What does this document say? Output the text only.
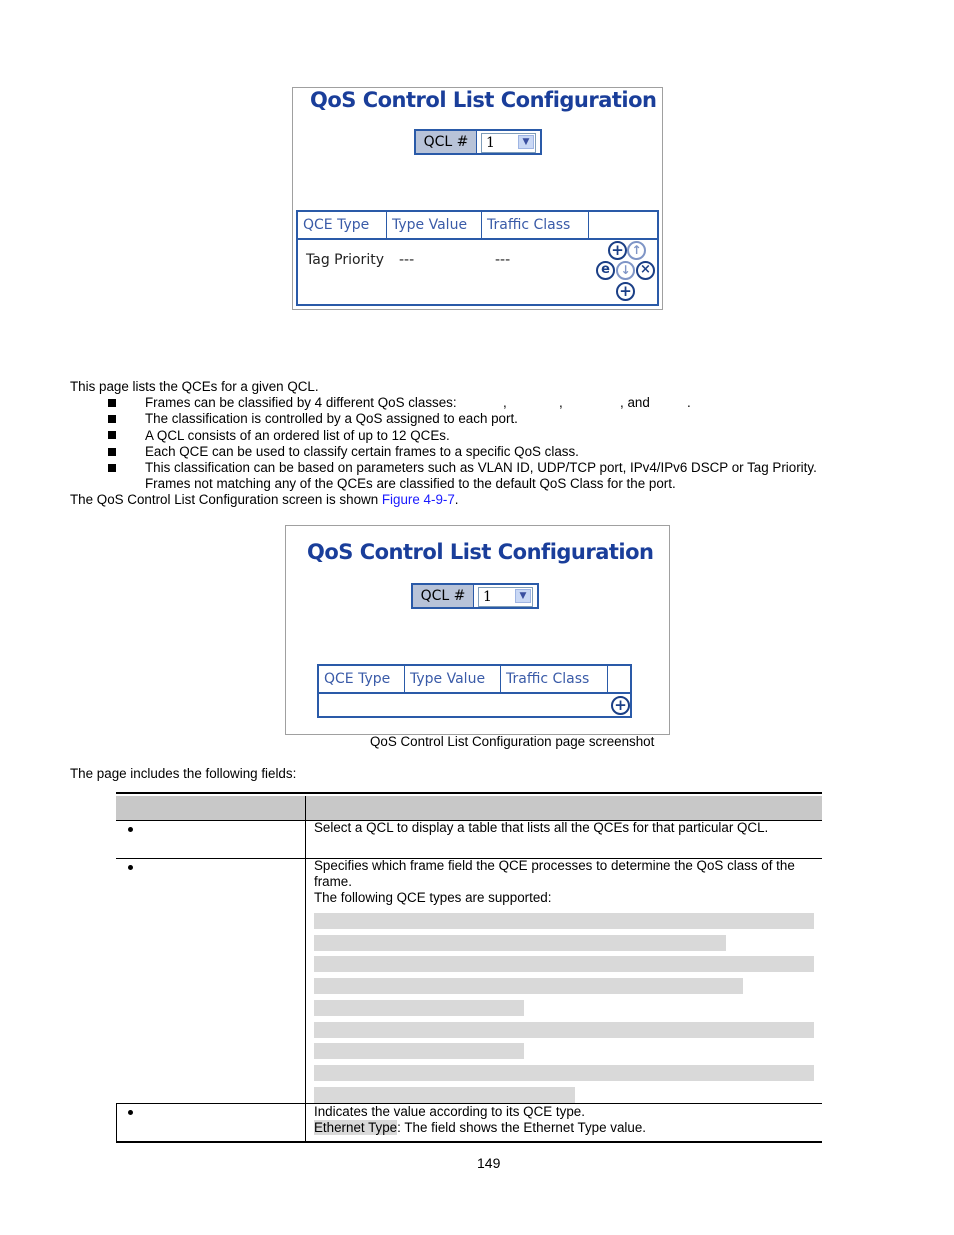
QoS Control List Configuration
QCL #	1	▼
QCE Type	Type Value	Traffic Class
Tag Priority ---	---
+ ↑
e ↓ ×
+
This page lists the QCEs for a given QCL.
Frames can be classified by 4 different QoS classes:	,	,	, and	.
The classification is controlled by a QoS assigned to each port.
A QCL consists of an ordered list of up to 12 QCEs.
Each QCE can be used to classify certain frames to a specific QoS class.
This classification can be based on parameters such as VLAN ID, UDP/TCP port, IPv4/IPv6 DSCP or Tag Priority.
Frames not matching any of the QCEs are classified to the default QoS Class for the port.
The QoS Control List Configuration screen is shown Figure 4-9-7.
QoS Control List Configuration
QCL #	1	▼
QCE Type	Type Value	Traffic Class
+
QoS Control List Configuration page screenshot
The page includes the following fields:
Select a QCL to display a table that lists all the QCEs for that particular QCL.
Specifies which frame field the QCE processes to determine the QoS class of the
frame.
The following QCE types are supported:
Indicates the value according to its QCE type.
Ethernet Type: The field shows the Ethernet Type value.
149
